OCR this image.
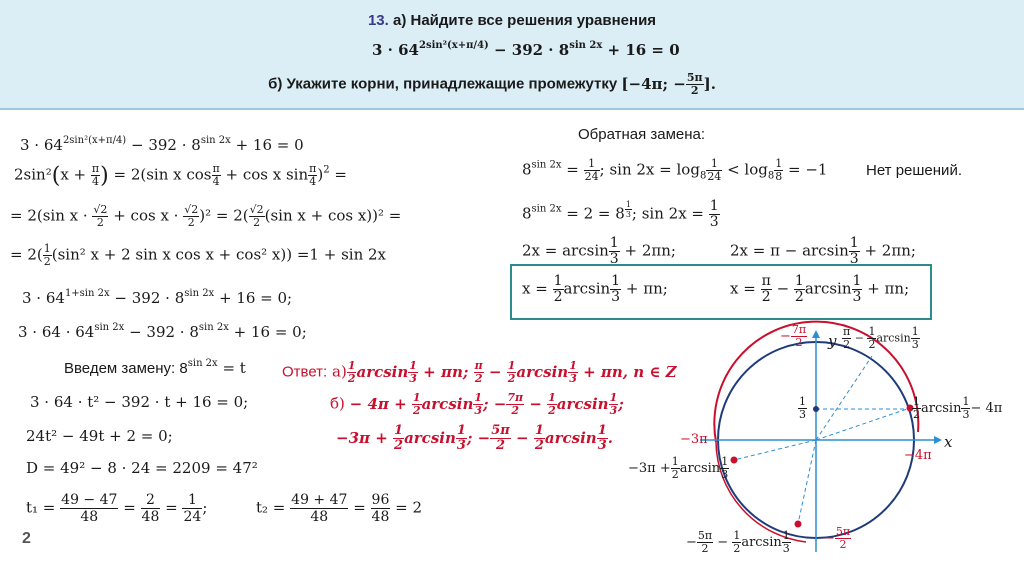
13. а) Найдите все решения уравнения
$3 \cdot 64^{2sin^2(x+\pi/4)} - 392 \cdot 8^{sin 2x} + 16 = 0$
б) Укажите корни, принадлежащие промежутку [−4π; − $\frac{5\pi}{2}$ ].
$3 \cdot 64^{2sin^2(x+\pi/4)} - 392 \cdot 8^{sin 2x} + 16 = 0$
$2\sin^2(x + \frac{\pi}{4}$ ) = 2(sin x $\cos \frac{\pi}{4} + \cos x$ $\sin \frac{\pi}{4} )^2$ =
= 2(sin $x \cdot \frac{√2}{2} + \cos x \cdot \frac{√2}{2} )^2 = 2( \frac{√2}{2} (\sin$ x + cos x))² =
= $2( \frac{1}{2} (\sin^2$ x + 2 sin x cos x + cos² x)) =1 + sin 2x
$3 \cdot 64^{1+sin 2x} - 392 \cdot 8^{sin 2x} + 16 = 0$;
$3 \cdot 64 \cdot 64^{sin 2x} - 392 \cdot 8^{sin 2x} + 16 = 0$;
Введем замену: $8^{sin 2x} = t$
3 · 64 · t² − 392 · t + 16 = 0;
24t² − 49t + 2 = 0;
D = 49² − 8 · 24 = 2209 = 47²
$t_1 = \frac{49 - 47}{48} = \frac{2}{48} = \frac{1}{24}$ ;	$t_2 = \frac{49 + 47}{48} = \frac{96}{48} = 2$
Обратная замена:
$8^{sin 2x} = \frac{1}{24}$ ; $\sin 2x = \log_8 \frac{1}{24} < \log_8 \frac{1}{8} = -1$	Нет решений.
$8^{sin 2x} = 2 = 8$ $^{\frac{1}{3}}$ ; $\sin 2x = \frac{1}{3}$
$2x = \arcsin \frac{1}{3} + 2\pi n$;	$2x = \pi - \arcsin \frac{1}{3} + 2\pi n$;
$x = \frac{1}{2}$ $\arcsin \frac{1}{3} + \pi n$;	$x = \frac{\pi}{2} - \frac{1}{2}$ $\arcsin \frac{1}{3} + \pi n$;
Ответ: $а) \frac{1}{2}$ $\arcsin \frac{1}{3} + \pi n$; $\frac{\pi}{2} - \frac{1}{2}$ $\arcsin \frac{1}{3} + \pi n$, n ∈ Z
$б) - 4\pi + \frac{1}{2}$ $\arcsin \frac{1}{3}$ ; − $\frac{7\pi}{2} - \frac{1}{2}$ $\arcsin \frac{1}{3}$ ;
$-3\pi + \frac{1}{2}$ $\arcsin \frac{1}{3}$ ; − $\frac{5\pi}{2} - \frac{1}{2}$ $\arcsin \frac{1}{3}$ .	x
y
−3π
−4π
− $\frac{7\pi}{2}$
− $\frac{5\pi}{2}$
$\frac{\pi}{2} - \frac{1}{2}$ $\arcsin \frac{1}{3}$
$\frac{1}{3}$	$\frac{1}{2}$ $\arcsin \frac{1}{3} - 4\pi$
$-3\pi + \frac{1}{2}$ $\arcsin \frac{1}{3}$
− $\frac{5\pi}{2} - \frac{1}{2}$ $\arcsin \frac{1}{3}$
2
